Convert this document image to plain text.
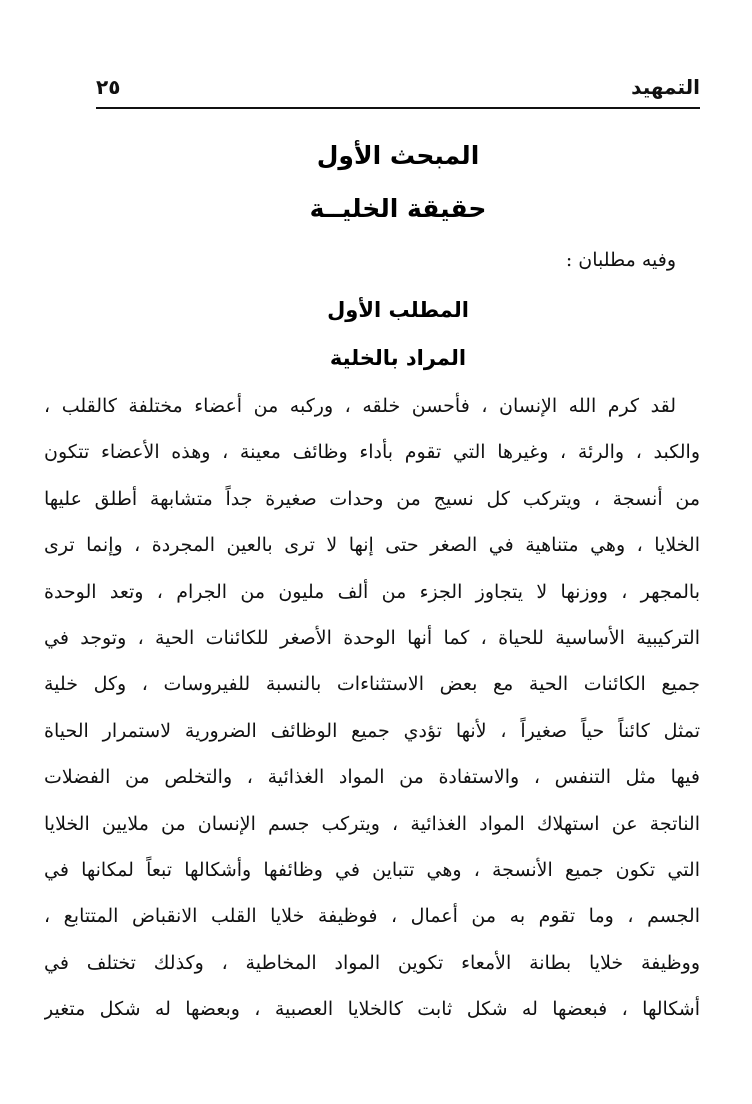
التمهيد
٢٥
المبحث الأول
حقيقة الخليــة
وفيه مطلبان :
المطلب الأول
المراد بالخلية
لقد كرم الله الإنسان ، فأحسن خلقه ، وركبه من أعضاء مختلفة كالقلب ،
والكبد ، والرئة ، وغيرها التي تقوم بأداء وظائف معينة ، وهذه الأعضاء تتكون
من أنسجة ، ويتركب كل نسيج من وحدات صغيرة جداً متشابهة أطلق عليها
الخلايا ، وهي متناهية في الصغر حتى إنها لا ترى بالعين المجردة ، وإنما ترى
بالمجهر ، ووزنها لا يتجاوز الجزء من ألف مليون من الجرام ، وتعد الوحدة
التركيبية الأساسية للحياة ، كما أنها الوحدة الأصغر للكائنات الحية ، وتوجد في
جميع الكائنات الحية مع بعض الاستثناءات بالنسبة للفيروسات ، وكل خلية
تمثل كائناً حياً صغيراً ، لأنها تؤدي جميع الوظائف الضرورية لاستمرار الحياة
فيها مثل التنفس ، والاستفادة من المواد الغذائية ، والتخلص من الفضلات
الناتجة عن استهلاك المواد الغذائية ، ويتركب جسم الإنسان من ملايين الخلايا
التي تكون جميع الأنسجة ، وهي تتباين في وظائفها وأشكالها تبعاً لمكانها في
الجسم ، وما تقوم به من أعمال ، فوظيفة خلايا القلب الانقباض المتتابع ،
ووظيفة خلايا بطانة الأمعاء تكوين المواد المخاطية ، وكذلك تختلف في
أشكالها ، فبعضها له شكل ثابت كالخلايا العصبية ، وبعضها له شكل متغير
